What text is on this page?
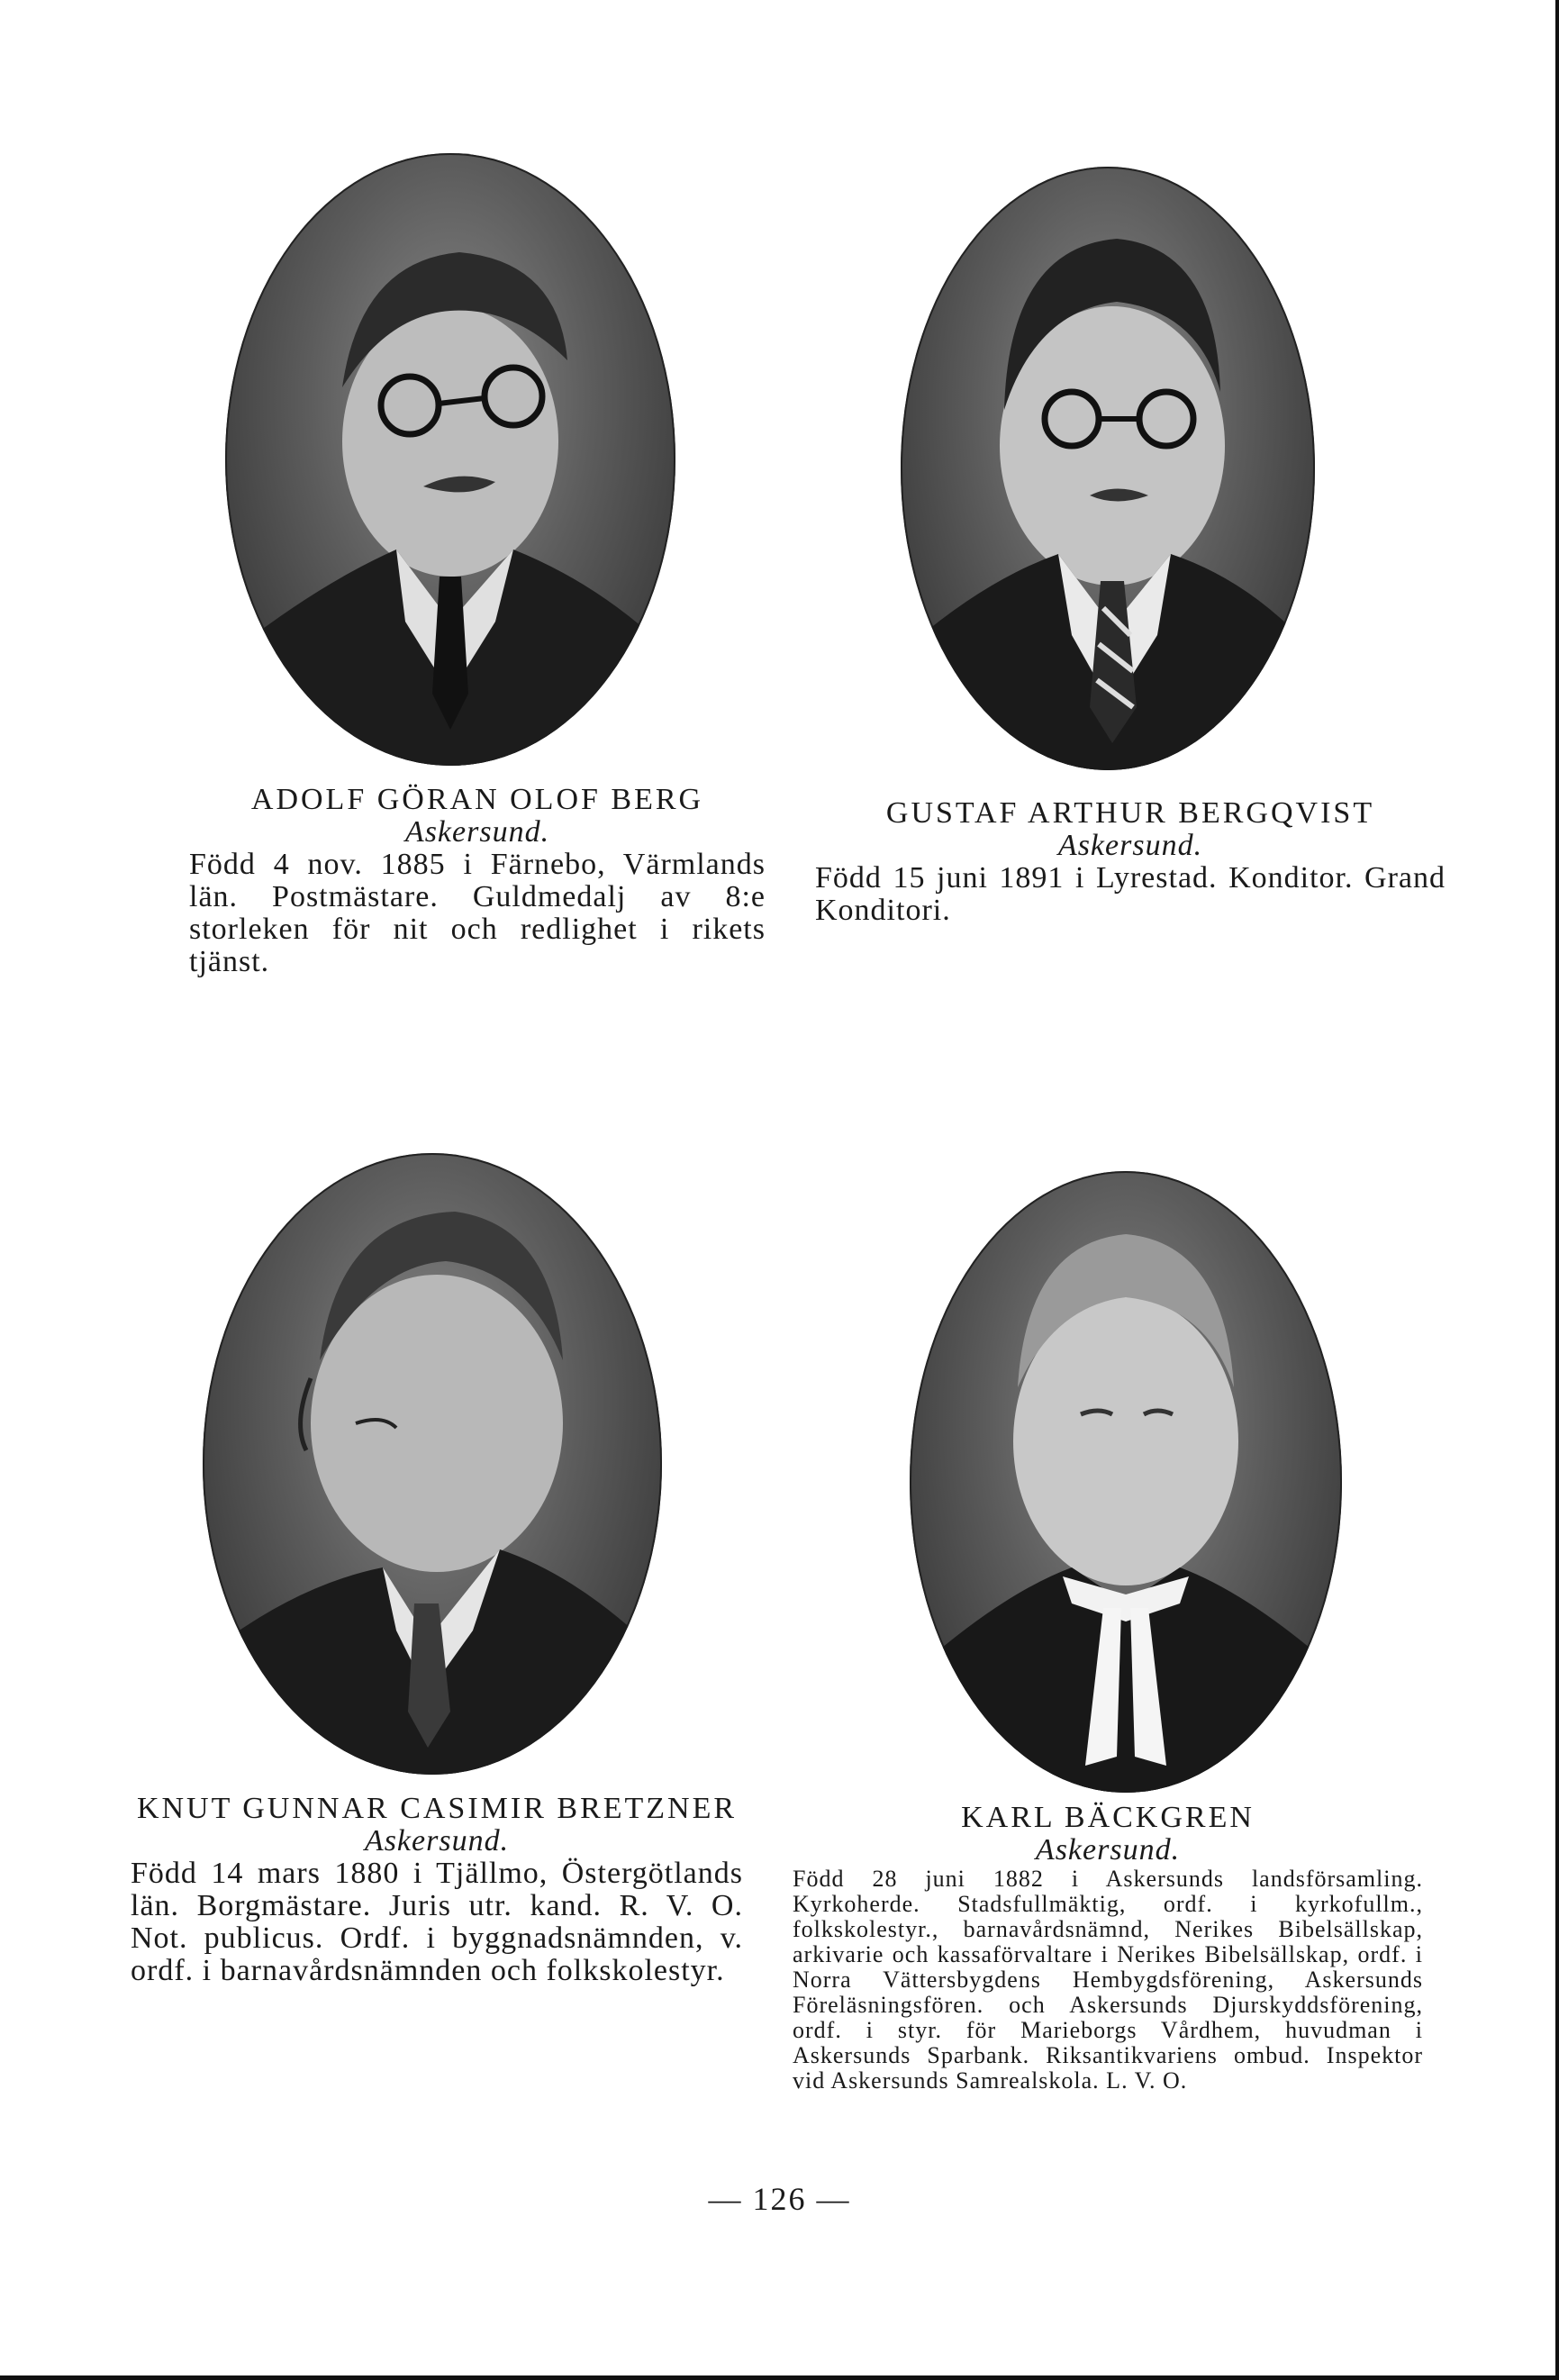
ADOLF GÖRAN OLOF BERG
Askersund.
Född 4 nov. 1885 i Färnebo, Värmlands län. Postmästare. Guldmedalj av 8:e storleken för nit och redlighet i rikets tjänst.
GUSTAF ARTHUR BERGQVIST
Askersund.
Född 15 juni 1891 i Lyrestad. Konditor. Grand Konditori.
KNUT GUNNAR CASIMIR BRETZNER
Askersund.
Född 14 mars 1880 i Tjällmo, Östergötlands län. Borgmästare. Juris utr. kand. R. V. O. Not. publicus. Ordf. i byggnadsnämnden, v. ordf. i barnavårdsnämnden och folkskolestyr.
KARL BÄCKGREN
Askersund.
Född 28 juni 1882 i Askersunds landsförsamling. Kyrkoherde. Stadsfullmäktig, ordf. i kyrkofullm., folkskolestyr., barnavårdsnämnd, Nerikes Bibelsällskap, arkivarie och kassaförvaltare i Nerikes Bibelsällskap, ordf. i Norra Vättersbygdens Hembygdsförening, Askersunds Föreläsningsfören. och Askersunds Djurskyddsförening, ordf. i styr. för Marieborgs Vårdhem, huvudman i Askersunds Sparbank. Riksantikvariens ombud. Inspektor vid Askersunds Samrealskola. L. V. O.
— 126 —
